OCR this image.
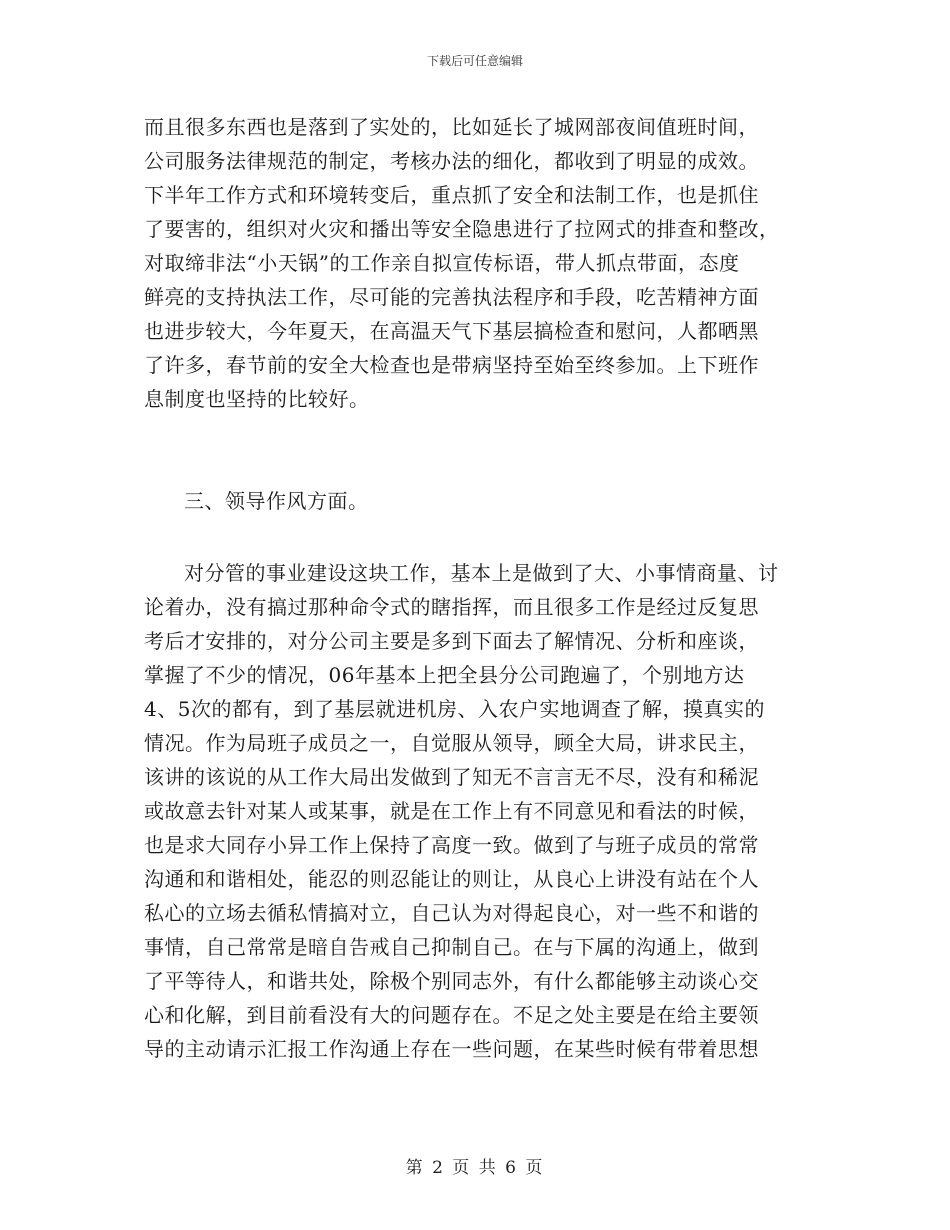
下载后可任意编辑
而且很多东西也是落到了实处的，比如延长了城网部夜间值班时间，
公司服务法律规范的制定，考核办法的细化，都收到了明显的成效。
下半年工作方式和环境转变后，重点抓了安全和法制工作，也是抓住
了要害的，组织对火灾和播出等安全隐患进行了拉网式的排查和整改，
对取缔非法“小天锅”的工作亲自拟宣传标语，带人抓点带面，态度
鲜亮的支持执法工作，尽可能的完善执法程序和手段，吃苦精神方面
也进步较大，今年夏天，在高温天气下基层搞检查和慰问，人都晒黑
了许多，春节前的安全大检查也是带病坚持至始至终参加。上下班作
息制度也坚持的比较好。
三、领导作风方面。
对分管的事业建设这块工作，基本上是做到了大、小事情商量、讨
论着办，没有搞过那种命令式的瞎指挥，而且很多工作是经过反复思
考后才安排的，对分公司主要是多到下面去了解情况、分析和座谈，
掌握了不少的情况，06年基本上把全县分公司跑遍了，个别地方达
4、5次的都有，到了基层就进机房、入农户实地调查了解，摸真实的
情况。作为局班子成员之一，自觉服从领导，顾全大局，讲求民主，
该讲的该说的从工作大局出发做到了知无不言言无不尽，没有和稀泥
或故意去针对某人或某事，就是在工作上有不同意见和看法的时候，
也是求大同存小异工作上保持了高度一致。做到了与班子成员的常常
沟通和和谐相处，能忍的则忍能让的则让，从良心上讲没有站在个人
私心的立场去循私情搞对立，自己认为对得起良心，对一些不和谐的
事情，自己常常是暗自告戒自己抑制自己。在与下属的沟通上，做到
了平等待人，和谐共处，除极个别同志外，有什么都能够主动谈心交
心和化解，到目前看没有大的问题存在。不足之处主要是在给主要领
导的主动请示汇报工作沟通上存在一些问题，在某些时候有带着思想
第 2 页 共 6 页
